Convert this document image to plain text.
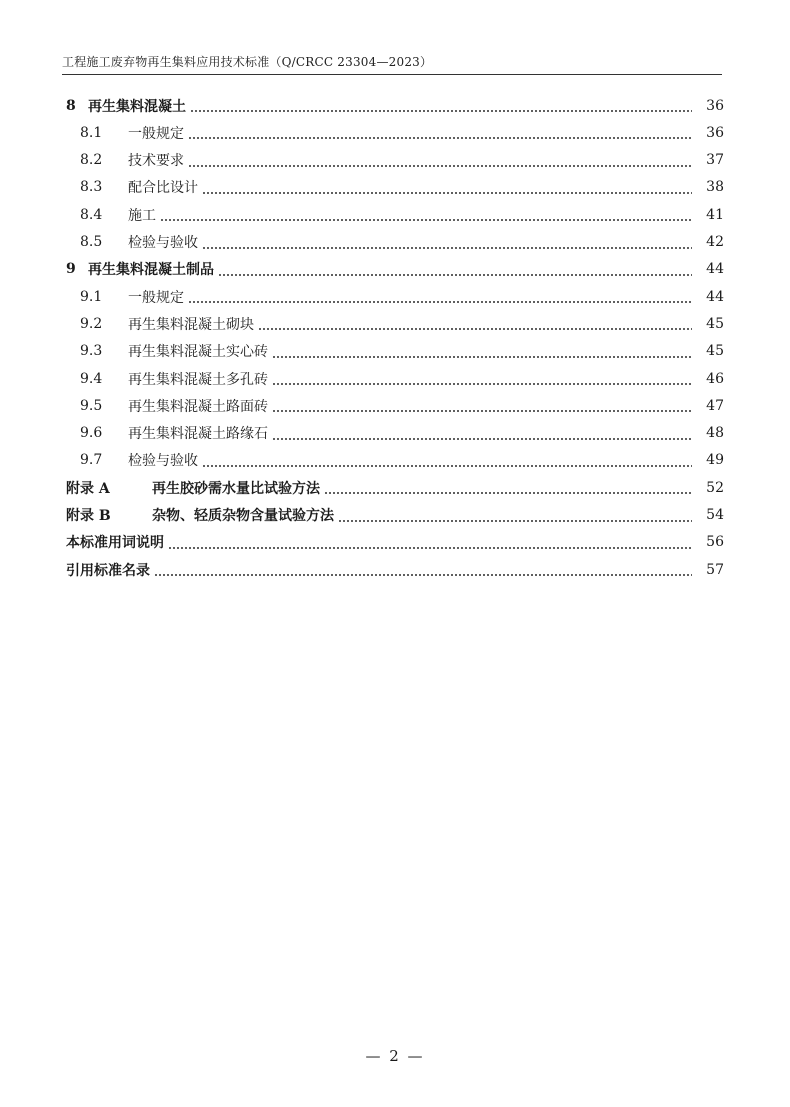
工程施工废弃物再生集料应用技术标准（Q/CRCC 23304—2023）
8 再生集料混凝土	36
8.1	一般规定	36
8.2	技术要求	37
8.3	配合比设计	38
8.4	施工	41
8.5	检验与验收	42
9 再生集料混凝土制品	44
9.1	一般规定	44
9.2	再生集料混凝土砌块	45
9.3	再生集料混凝土实心砖	45
9.4	再生集料混凝土多孔砖	46
9.5	再生集料混凝土路面砖	47
9.6	再生集料混凝土路缘石	48
9.7	检验与验收	49
附录 A	再生胶砂需水量比试验方法	52
附录 B	杂物、轻质杂物含量试验方法	54
本标准用词说明	56
引用标准名录	57
— 2 —
